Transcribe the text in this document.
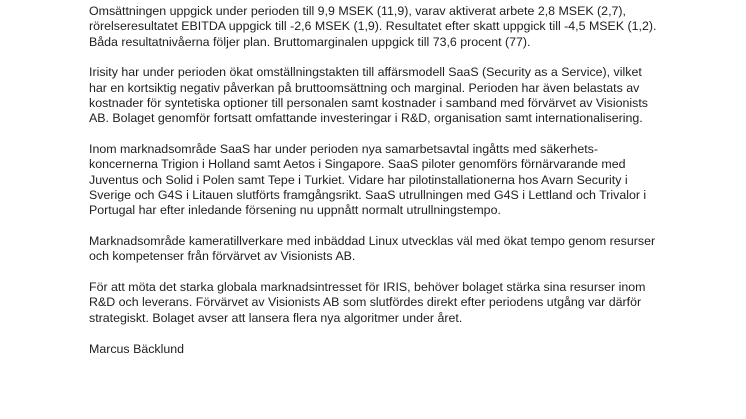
Omsättningen uppgick under perioden till 9,9 MSEK (11,9), varav aktiverat arbete 2,8 MSEK (2,7),
rörelseresultatet EBITDA uppgick till -2,6 MSEK (1,9). Resultatet efter skatt uppgick till -4,5 MSEK (1,2).
Båda resultatnivåerna följer plan. Bruttomarginalen uppgick till 73,6 procent (77).

Irisity har under perioden ökat omställningstakten till affärsmodell SaaS (Security as a Service), vilket
har en kortsiktig negativ påverkan på bruttoomsättning och marginal. Perioden har även belastats av
kostnader för syntetiska optioner till personalen samt kostnader i samband med förvärvet av Visionists
AB. Bolaget genomför fortsatt omfattande investeringar i R&D, organisation samt internationalisering.

Inom marknadsområde SaaS har under perioden nya samarbetsavtal ingåtts med säkerhets-
koncernerna Trigion i Holland samt Aetos i Singapore. SaaS piloter genomförs förnärvarande med
Juventus och Solid i Polen samt Tepe i Turkiet. Vidare har pilotinstallationerna hos Avarn Security i
Sverige och G4S i Litauen slutförts framgångsrikt. SaaS utrullningen med G4S i Lettland och Trivalor i
Portugal har efter inledande försening nu uppnått normalt utrullningstempo.

Marknadsområde kameratillverkare med inbäddad Linux utvecklas väl med ökat tempo genom resurser
och kompetenser från förvärvet av Visionists AB.

För att möta det starka globala marknadsintresset för IRIS, behöver bolaget stärka sina resurser inom
R&D och leverans. Förvärvet av Visionists AB som slutfördes direkt efter periodens utgång var därför
strategiskt. Bolaget avser att lansera flera nya algoritmer under året.

Marcus Bäcklund
